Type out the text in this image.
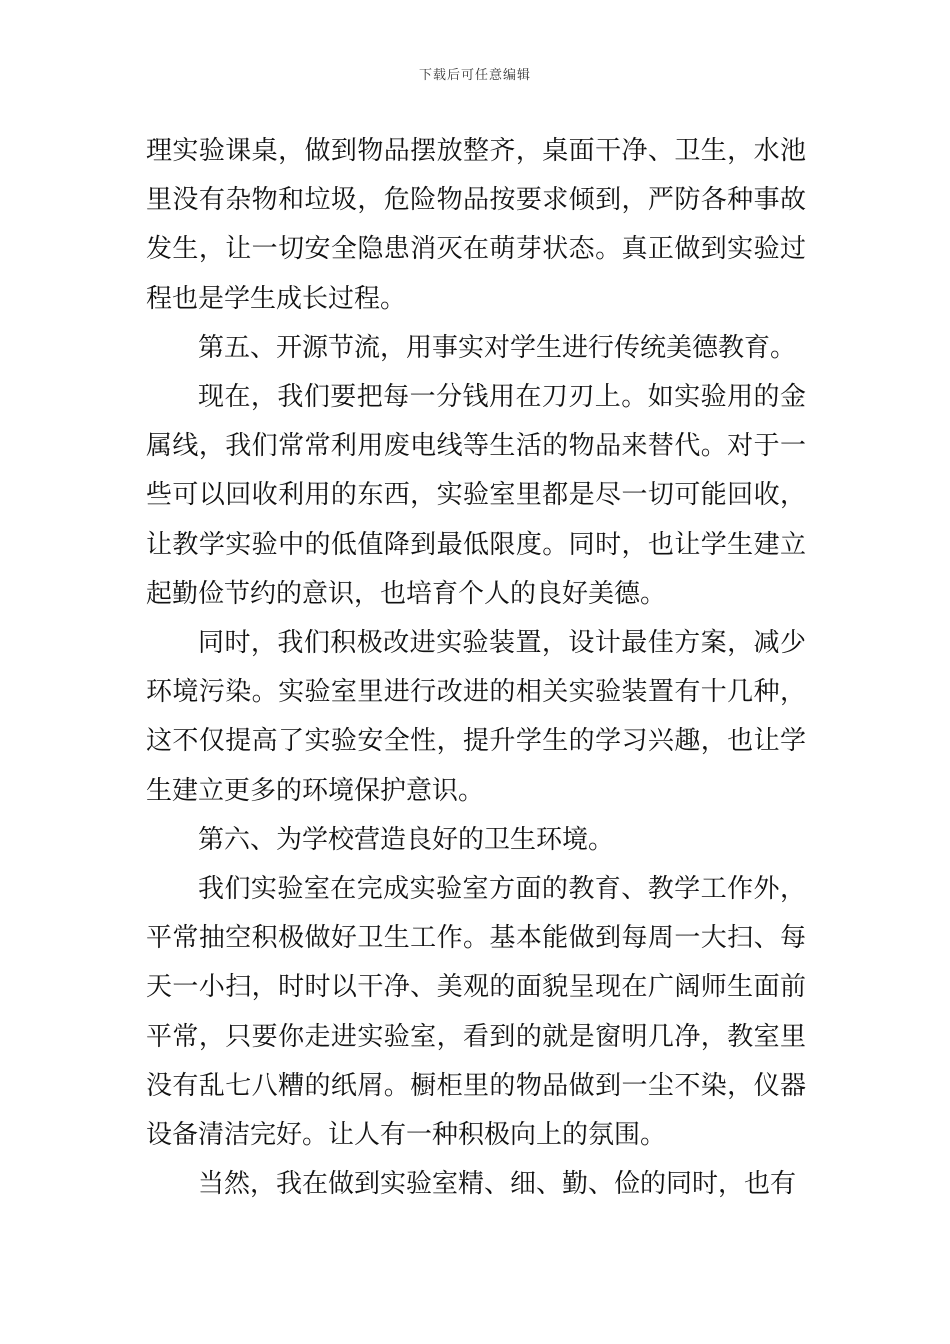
下载后可任意编辑

理实验课桌，做到物品摆放整齐，桌面干净、卫生，水池里没有杂物和垃圾，危险物品按要求倾到，严防各种事故发生，让一切安全隐患消灭在萌芽状态。真正做到实验过程也是学生成长过程。

第五、开源节流，用事实对学生进行传统美德教育。

现在，我们要把每一分钱用在刀刃上。如实验用的金属线，我们常常利用废电线等生活的物品来替代。对于一些可以回收利用的东西，实验室里都是尽一切可能回收，让教学实验中的低值降到最低限度。同时，也让学生建立起勤俭节约的意识，也培育个人的良好美德。

同时，我们积极改进实验装置，设计最佳方案，减少环境污染。实验室里进行改进的相关实验装置有十几种，这不仅提高了实验安全性，提升学生的学习兴趣，也让学生建立更多的环境保护意识。

第六、为学校营造良好的卫生环境。

我们实验室在完成实验室方面的教育、教学工作外，平常抽空积极做好卫生工作。基本能做到每周一大扫、每天一小扫，时时以干净、美观的面貌呈现在广阔师生面前平常，只要你走进实验室，看到的就是窗明几净，教室里没有乱七八糟的纸屑。橱柜里的物品做到一尘不染，仪器设备清洁完好。让人有一种积极向上的氛围。

当然，我在做到实验室精、细、勤、俭的同时，也有
